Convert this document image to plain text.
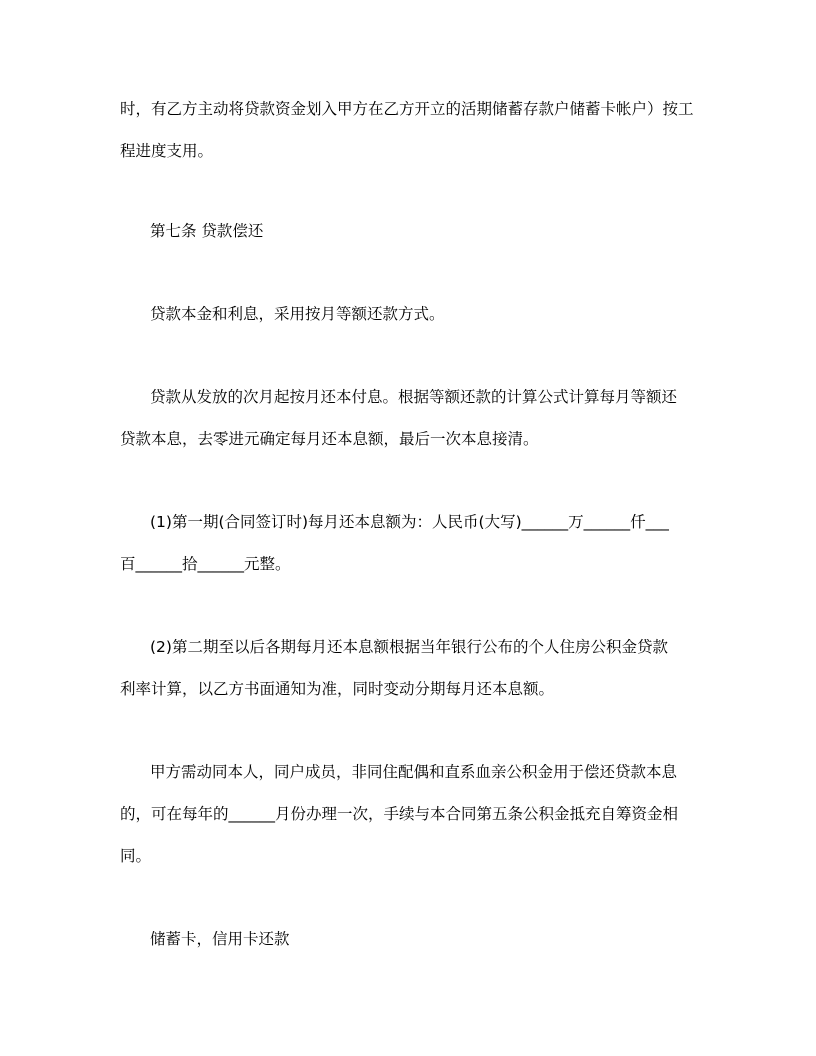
时，有乙方主动将贷款资金划入甲方在乙方开立的活期储蓄存款户储蓄卡帐户）按工
程进度支用。
第七条 贷款偿还
贷款本金和利息，采用按月等额还款方式。
贷款从发放的次月起按月还本付息。根据等额还款的计算公式计算每月等额还
贷款本息，去零进元确定每月还本息额，最后一次本息接清。
(1)第一期(合同签订时)每月还本息额为：人民币(大写)______万______仟___
百______拾______元整。
(2)第二期至以后各期每月还本息额根据当年银行公布的个人住房公积金贷款
利率计算，以乙方书面通知为准，同时变动分期每月还本息额。
甲方需动同本人，同户成员，非同住配偶和直系血亲公积金用于偿还贷款本息
的，可在每年的______月份办理一次，手续与本合同第五条公积金抵充自筹资金相
同。
储蓄卡，信用卡还款
